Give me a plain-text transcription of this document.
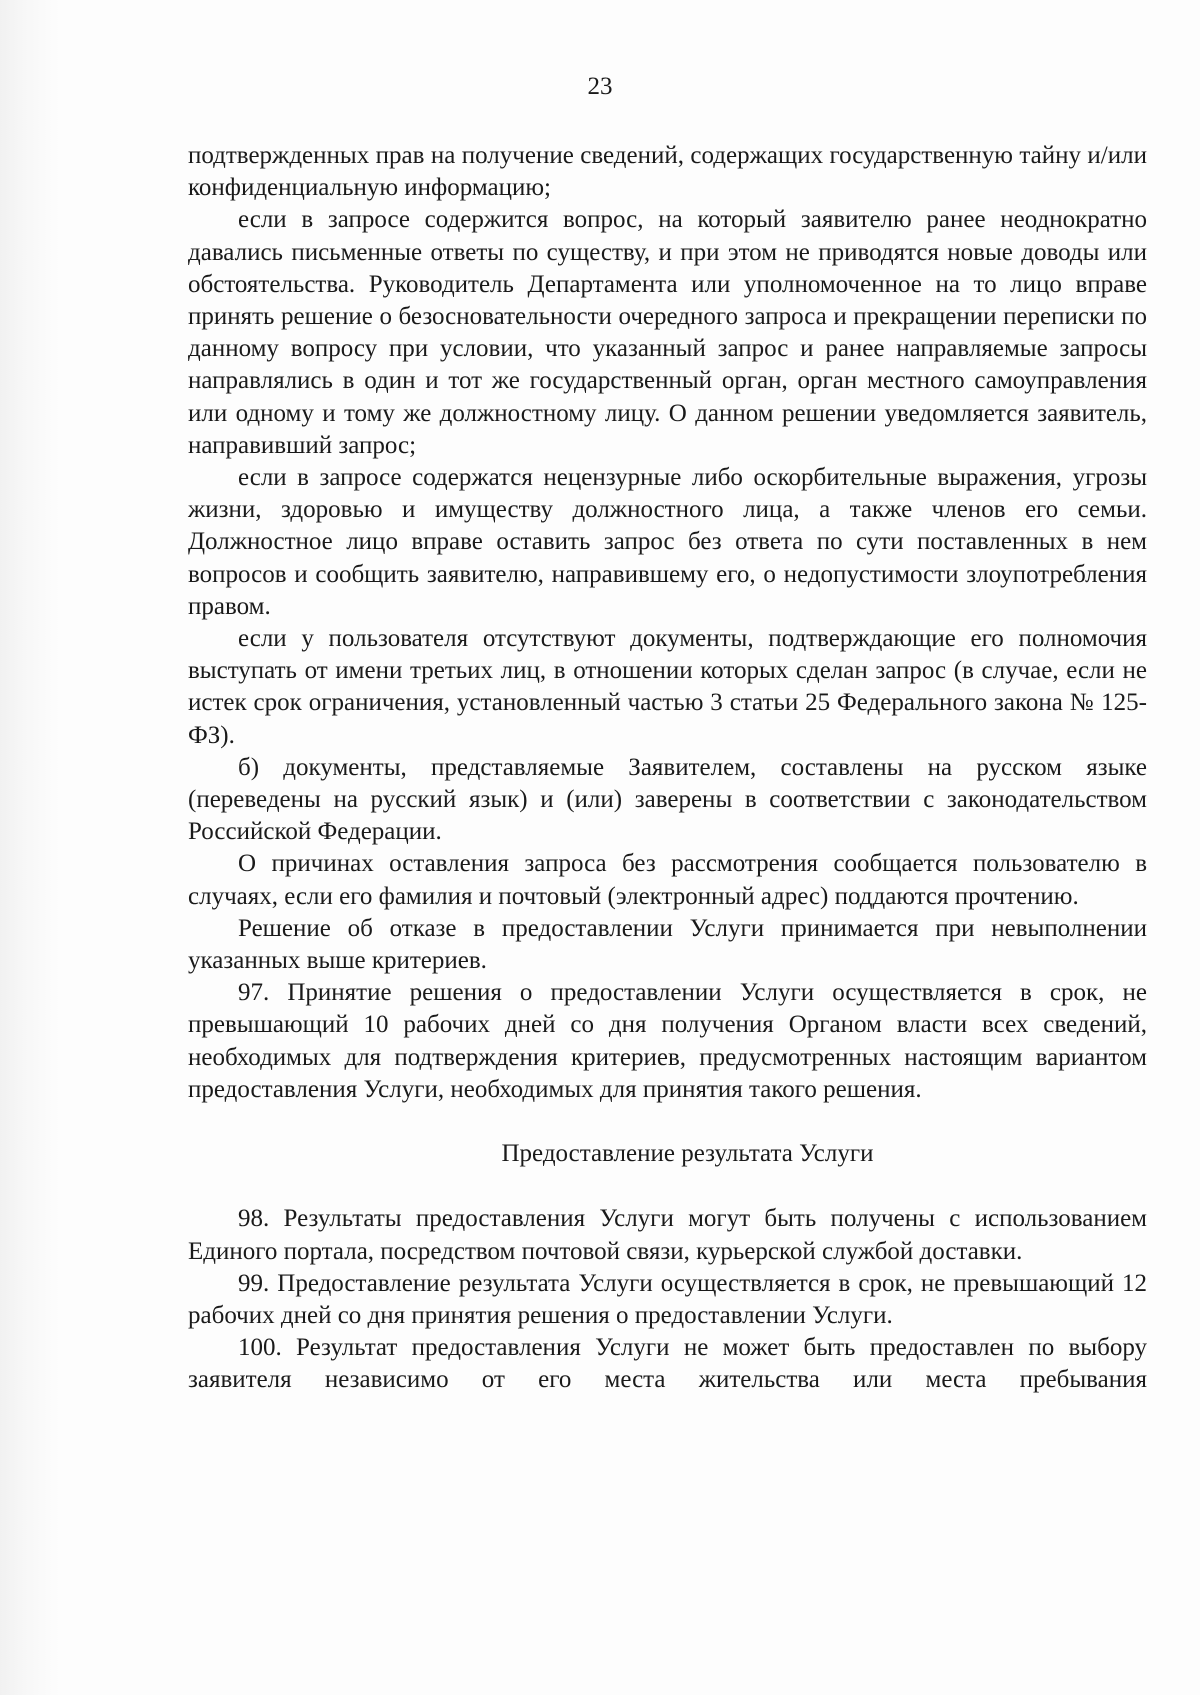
23

подтвержденных прав на получение сведений, содержащих государственную тайну и/или конфиденциальную информацию;

если в запросе содержится вопрос, на который заявителю ранее неоднократно давались письменные ответы по существу, и при этом не приводятся новые доводы или обстоятельства. Руководитель Департамента или уполномоченное на то лицо вправе принять решение о безосновательности очередного запроса и прекращении переписки по данному вопросу при условии, что указанный запрос и ранее направляемые запросы направлялись в один и тот же государственный орган, орган местного самоуправления или одному и тому же должностному лицу. О данном решении уведомляется заявитель, направивший запрос;

если в запросе содержатся нецензурные либо оскорбительные выражения, угрозы жизни, здоровью и имуществу должностного лица, а также членов его семьи. Должностное лицо вправе оставить запрос без ответа по сути поставленных в нем вопросов и сообщить заявителю, направившему его, о недопустимости злоупотребления правом.

если у пользователя отсутствуют документы, подтверждающие его полномочия выступать от имени третьих лиц, в отношении которых сделан запрос (в случае, если не истек срок ограничения, установленный частью 3 статьи 25 Федерального закона № 125-ФЗ).

б) документы, представляемые Заявителем, составлены на русском языке (переведены на русский язык) и (или) заверены в соответствии с законодательством Российской Федерации.

О причинах оставления запроса без рассмотрения сообщается пользователю в случаях, если его фамилия и почтовый (электронный адрес) поддаются прочтению.

Решение об отказе в предоставлении Услуги принимается при невыполнении указанных выше критериев.

97. Принятие решения о предоставлении Услуги осуществляется в срок, не превышающий 10 рабочих дней со дня получения Органом власти всех сведений, необходимых для подтверждения критериев, предусмотренных настоящим вариантом предоставления Услуги, необходимых для принятия такого решения.

Предоставление результата Услуги

98. Результаты предоставления Услуги могут быть получены с использованием Единого портала, посредством почтовой связи, курьерской службой доставки.

99. Предоставление результата Услуги осуществляется в срок, не превышающий 12 рабочих дней со дня принятия решения о предоставлении Услуги.

100. Результат предоставления Услуги не может быть предоставлен по выбору заявителя независимо от его места жительства или места пребывания
